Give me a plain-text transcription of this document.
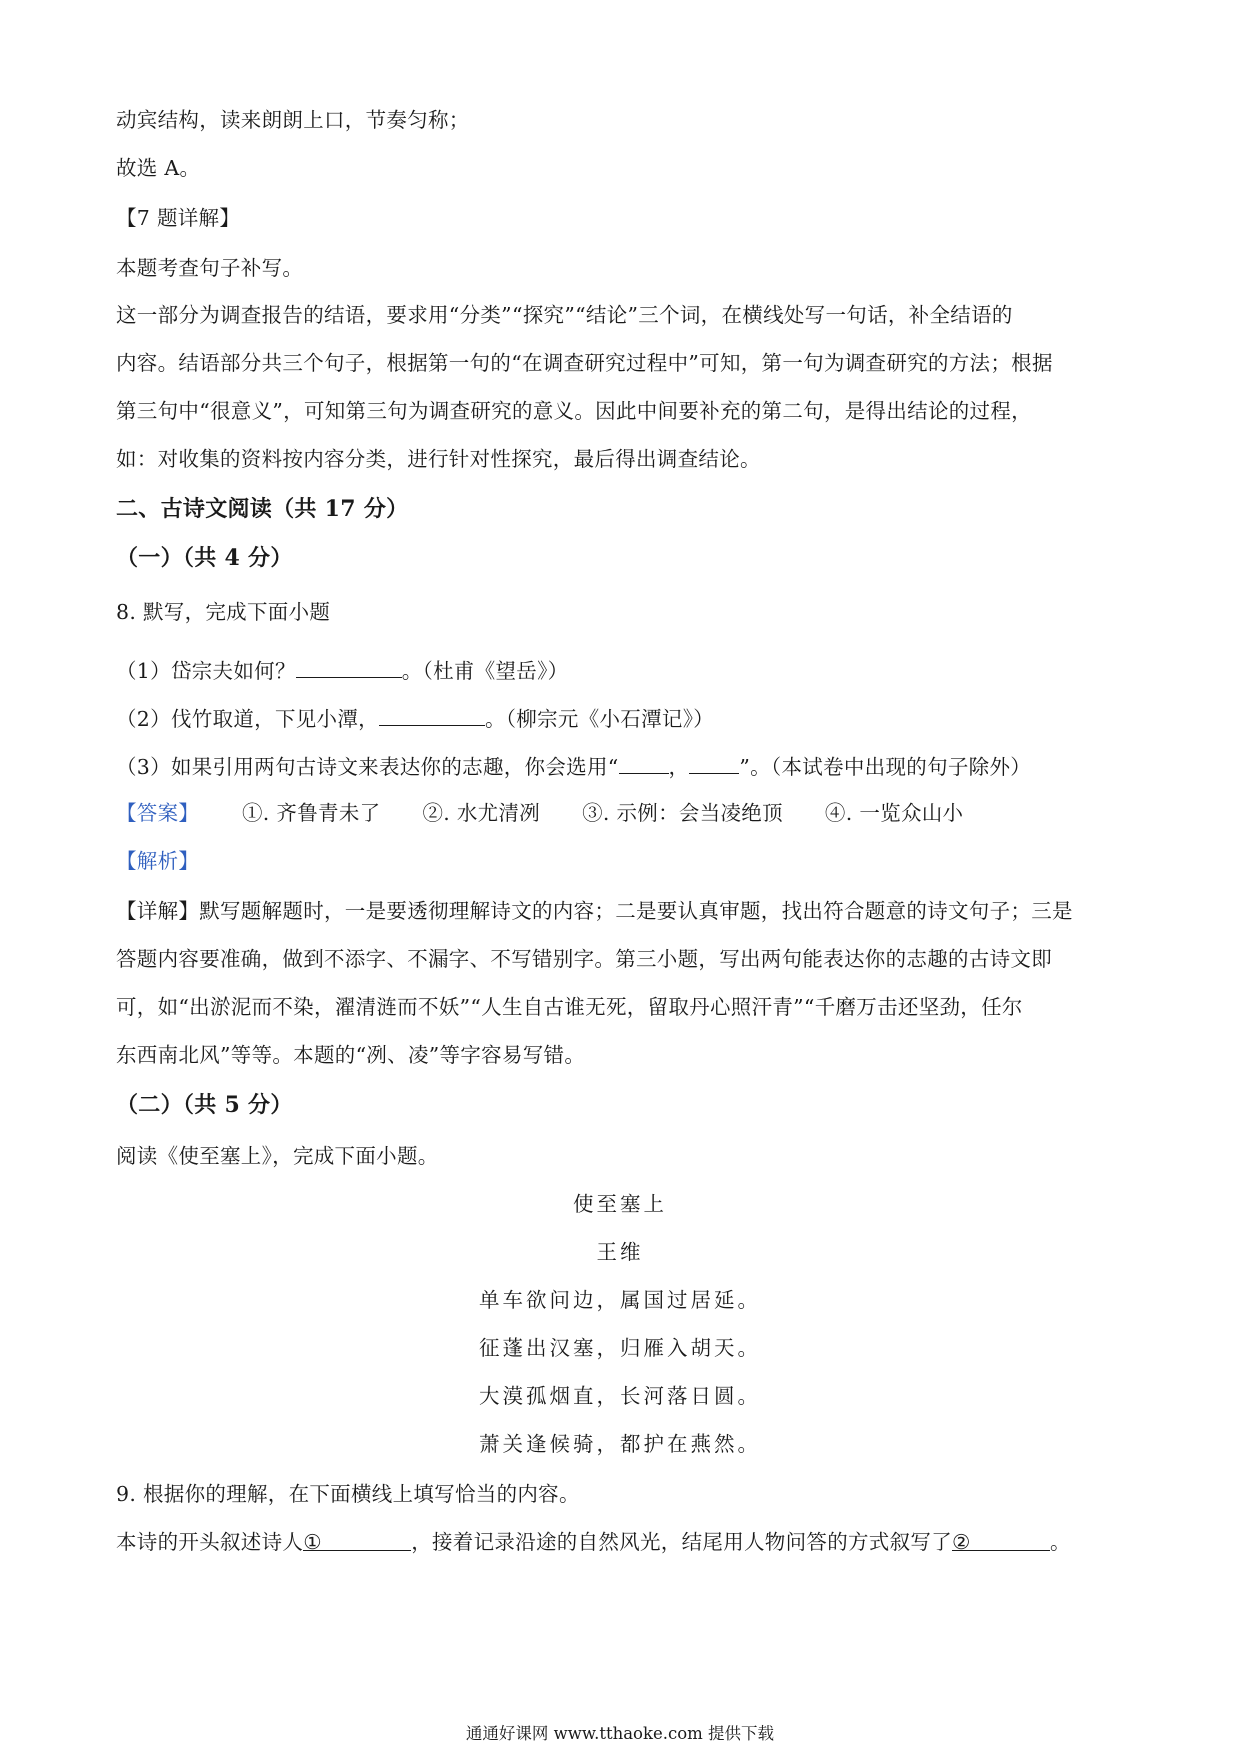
动宾结构，读来朗朗上口，节奏匀称；
故选 A。
【7 题详解】
本题考查句子补写。
这一部分为调查报告的结语，要求用“分类”“探究”“结论”三个词，在横线处写一句话，补全结语的
内容。结语部分共三个句子，根据第一句的“在调查研究过程中”可知，第一句为调查研究的方法；根据
第三句中“很意义”，可知第三句为调查研究的意义。因此中间要补充的第二句，是得出结论的过程，
如：对收集的资料按内容分类，进行针对性探究，最后得出调查结论。
二、古诗文阅读（共 17 分）
（一）（共 4 分）
8. 默写，完成下面小题
（1）岱宗夫如何？	。（杜甫《望岳》）
（2）伐竹取道，下见小潭，	。（柳宗元《小石潭记》）
（3）如果引用两句古诗文来表达你的志趣，你会选用“ ， ”。（本试卷中出现的句子除外）
【答案】 ①. 齐鲁青未了 ②. 水尤清冽 ③. 示例：会当凌绝顶 ④. 一览众山小
【解析】
【详解】默写题解题时，一是要透彻理解诗文的内容；二是要认真审题，找出符合题意的诗文句子；三是
答题内容要准确，做到不添字、不漏字、不写错别字。第三小题，写出两句能表达你的志趣的古诗文即
可，如“出淤泥而不染，濯清涟而不妖”“人生自古谁无死，留取丹心照汗青”“千磨万击还坚劲，任尔
东西南北风”等等。本题的“冽、凌”等字容易写错。
（二）（共 5 分）
阅读《使至塞上》，完成下面小题。
使至塞上
王维
单车欲问边，属国过居延。
征蓬出汉塞，归雁入胡天。
大漠孤烟直，长河落日圆。
萧关逢候骑，都护在燕然。
9. 根据你的理解，在下面横线上填写恰当的内容。
本诗的开头叙述诗人①	，接着记录沿途的自然风光，结尾用人物问答的方式叙写了②	。
通通好课网 www.tthaoke.com 提供下载
